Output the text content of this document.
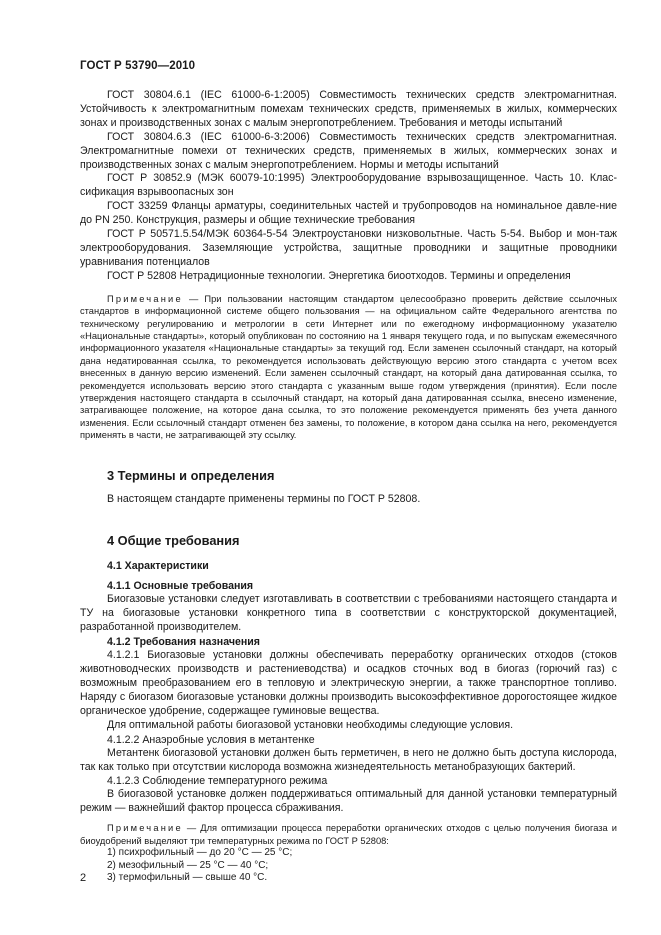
ГОСТ Р 53790—2010

ГОСТ 30804.6.1 (IEC 61000-6-1:2005) Совместимость технических средств электромагнитная. Устойчивость к электромагнитным помехам технических средств, применяемых в жилых, коммерческих зонах и производственных зонах с малым энергопотреблением. Требования и методы испытаний

ГОСТ 30804.6.3 (IEC 61000-6-3:2006) Совместимость технических средств электромагнитная. Электромагнитные помехи от технических средств, применяемых в жилых, коммерческих зонах и производственных зонах с малым энергопотреблением. Нормы и методы испытаний

ГОСТ Р 30852.9 (МЭК 60079-10:1995) Электрооборудование взрывозащищенное. Часть 10. Клас-сификация взрывоопасных зон

ГОСТ 33259 Фланцы арматуры, соединительных частей и трубопроводов на номинальное давле-ние до PN 250. Конструкция, размеры и общие технические требования

ГОСТ Р 50571.5.54/МЭК 60364-5-54 Электроустановки низковольтные. Часть 5-54. Выбор и мон-таж электрооборудования. Заземляющие устройства, защитные проводники и защитные проводники уравнивания потенциалов

ГОСТ Р 52808 Нетрадиционные технологии. Энергетика биоотходов. Термины и определения

Примечание — При пользовании настоящим стандартом целесообразно проверить действие ссылочных стандартов в информационной системе общего пользования — на официальном сайте Федерального агентства по техническому регулированию и метрологии в сети Интернет или по ежегодному информационному указателю «Национальные стандарты», который опубликован по состоянию на 1 января текущего года, и по выпускам ежемесячного информационного указателя «Национальные стандарты» за текущий год. Если заменен ссылочный стандарт, на который дана недатированная ссылка, то рекомендуется использовать действующую версию этого стандарта с учетом всех внесенных в данную версию изменений. Если заменен ссылочный стандарт, на который дана датированная ссылка, то рекомендуется использовать версию этого стандарта с указанным выше годом утверждения (принятия). Если после утверждения настоящего стандарта в ссылочный стандарт, на который дана датированная ссылка, внесено изменение, затрагивающее положение, на которое дана ссылка, то это положение рекомендуется применять без учета данного изменения. Если ссылочный стандарт отменен без замены, то положение, в котором дана ссылка на него, рекомендуется применять в части, не затрагивающей эту ссылку.

3 Термины и определения

В настоящем стандарте применены термины по ГОСТ Р 52808.

4 Общие требования
4.1 Характеристики
4.1.1 Основные требования

Биогазовые установки следует изготавливать в соответствии с требованиями настоящего стандарта и ТУ на биогазовые установки конкретного типа в соответствии с конструкторской документацией, разработанной производителем.

4.1.2 Требования назначения

4.1.2.1 Биогазовые установки должны обеспечивать переработку органических отходов (стоков животноводческих производств и растениеводства) и осадков сточных вод в биогаз (горючий газ) с возможным преобразованием его в тепловую и электрическую энергии, а также транспортное топливо. Наряду с биогазом биогазовые установки должны производить высокоэффективное дорогостоящее жидкое органическое удобрение, содержащее гуминовые вещества.

Для оптимальной работы биогазовой установки необходимы следующие условия.

4.1.2.2 Анаэробные условия в метантенке

Метантенк биогазовой установки должен быть герметичен, в него не должно быть доступа кислорода, так как только при отсутствии кислорода возможна жизнедеятельность метанобразующих бактерий.

4.1.2.3 Соблюдение температурного режима

В биогазовой установке должен поддерживаться оптимальный для данной установки температурный режим — важнейший фактор процесса сбраживания.

Примечание — Для оптимизации процесса переработки органических отходов с целью получения биогаза и биоудобрений выделяют три температурных режима по ГОСТ Р 52808:

1) психрофильный — до 20 °С — 25 °С;
2) мезофильный — 25 °С — 40 °С;
3) термофильный — свыше 40 °С.
2
